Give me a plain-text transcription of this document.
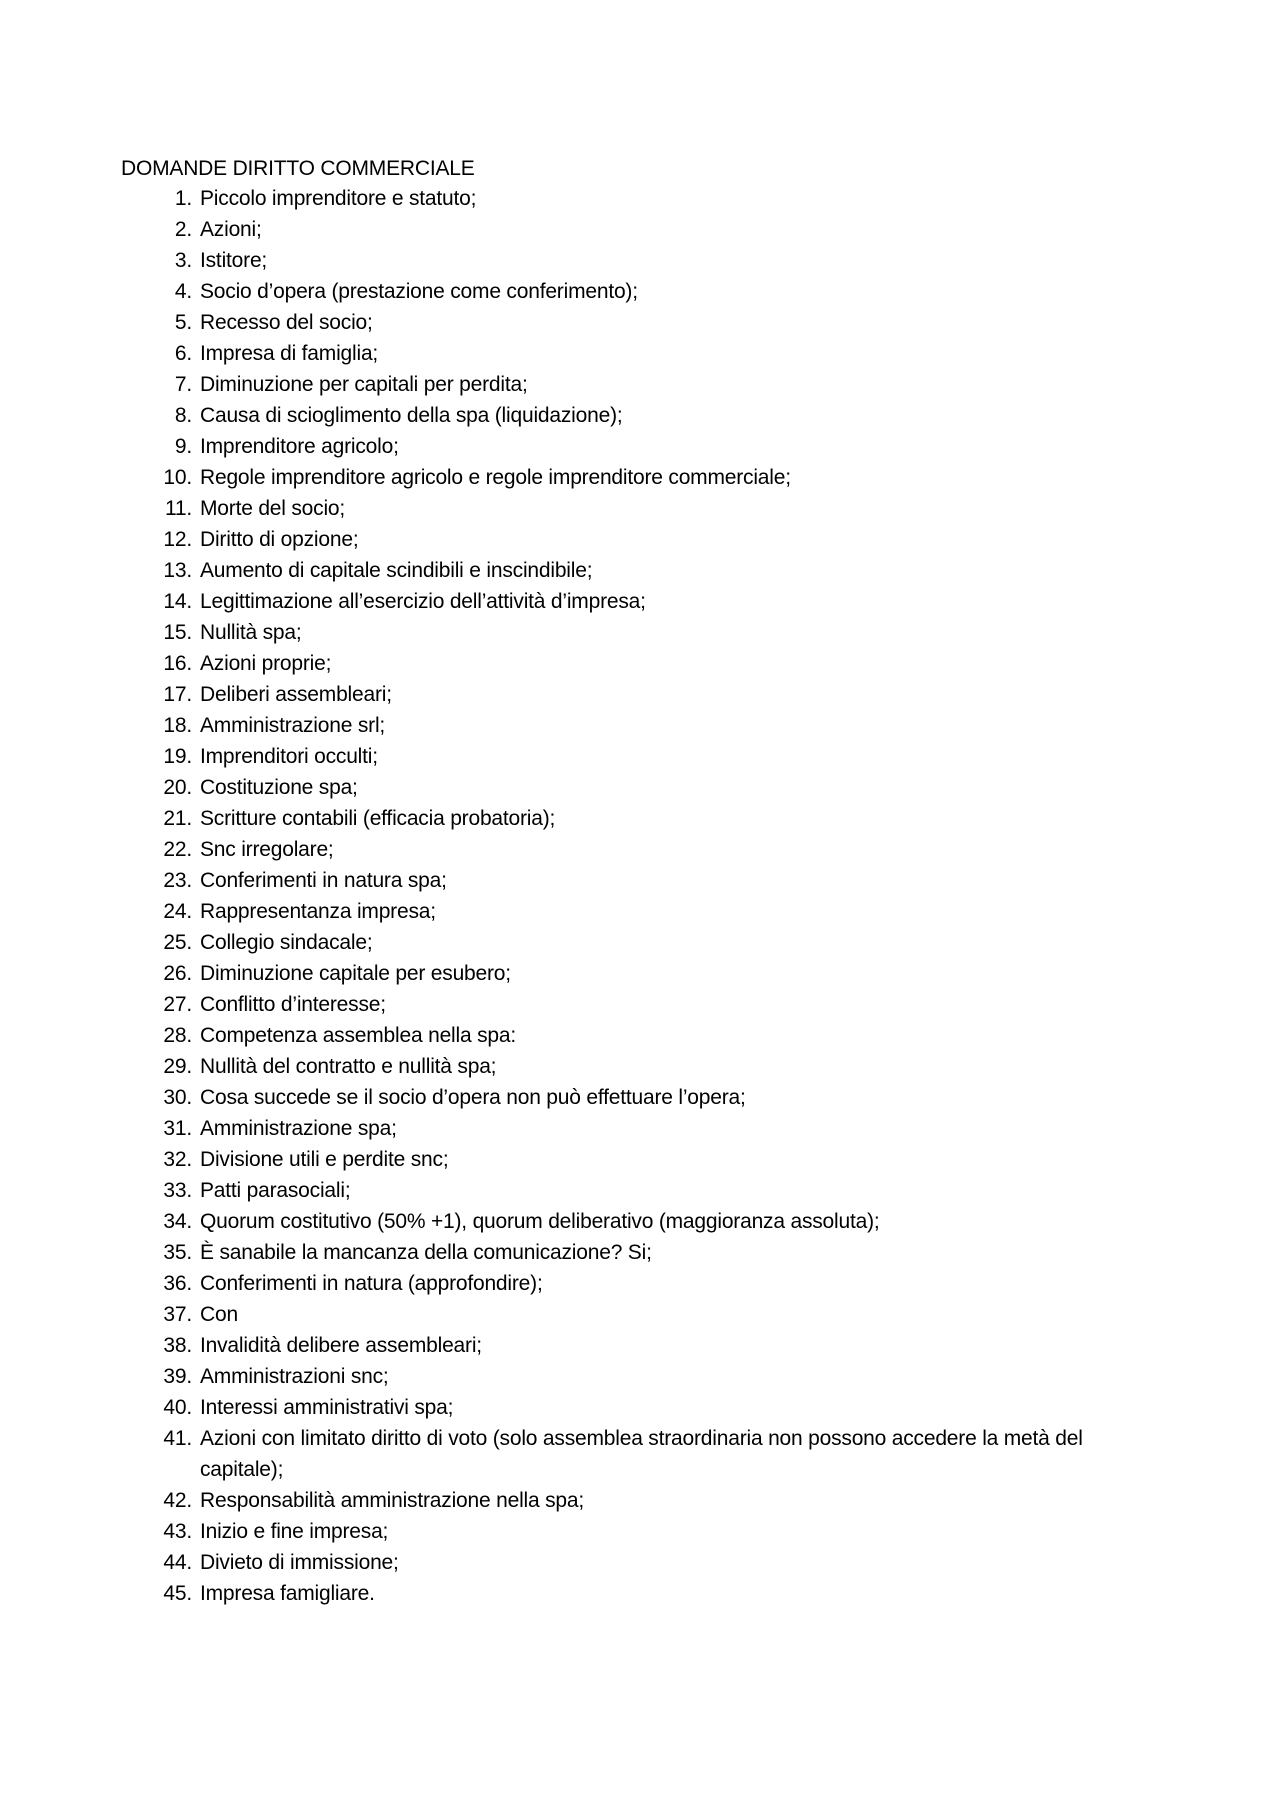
DOMANDE DIRITTO COMMERCIALE
1. Piccolo imprenditore e statuto;
2. Azioni;
3. Istitore;
4. Socio d’opera (prestazione come conferimento);
5. Recesso del socio;
6. Impresa di famiglia;
7. Diminuzione per capitali per perdita;
8. Causa di scioglimento della spa (liquidazione);
9. Imprenditore agricolo;
10. Regole imprenditore agricolo e regole imprenditore commerciale;
11. Morte del socio;
12. Diritto di opzione;
13. Aumento di capitale scindibili e inscindibile;
14. Legittimazione all’esercizio dell’attività d’impresa;
15. Nullità spa;
16. Azioni proprie;
17. Deliberi assembleari;
18. Amministrazione srl;
19. Imprenditori occulti;
20. Costituzione spa;
21. Scritture contabili (efficacia probatoria);
22. Snc irregolare;
23. Conferimenti in natura spa;
24. Rappresentanza impresa;
25. Collegio sindacale;
26. Diminuzione capitale per esubero;
27. Conflitto d’interesse;
28. Competenza assemblea nella spa:
29. Nullità del contratto e nullità spa;
30. Cosa succede se il socio d’opera non può effettuare l’opera;
31. Amministrazione spa;
32. Divisione utili e perdite snc;
33. Patti parasociali;
34. Quorum costitutivo (50% +1), quorum deliberativo (maggioranza assoluta);
35. È sanabile la mancanza della comunicazione? Si;
36. Conferimenti in natura (approfondire);
37. Con
38. Invalidità delibere assembleari;
39. Amministrazioni snc;
40. Interessi amministrativi spa;
41. Azioni con limitato diritto di voto (solo assemblea straordinaria non possono accedere la metà del capitale);
42. Responsabilità amministrazione nella spa;
43. Inizio e fine impresa;
44. Divieto di immissione;
45. Impresa famigliare.
